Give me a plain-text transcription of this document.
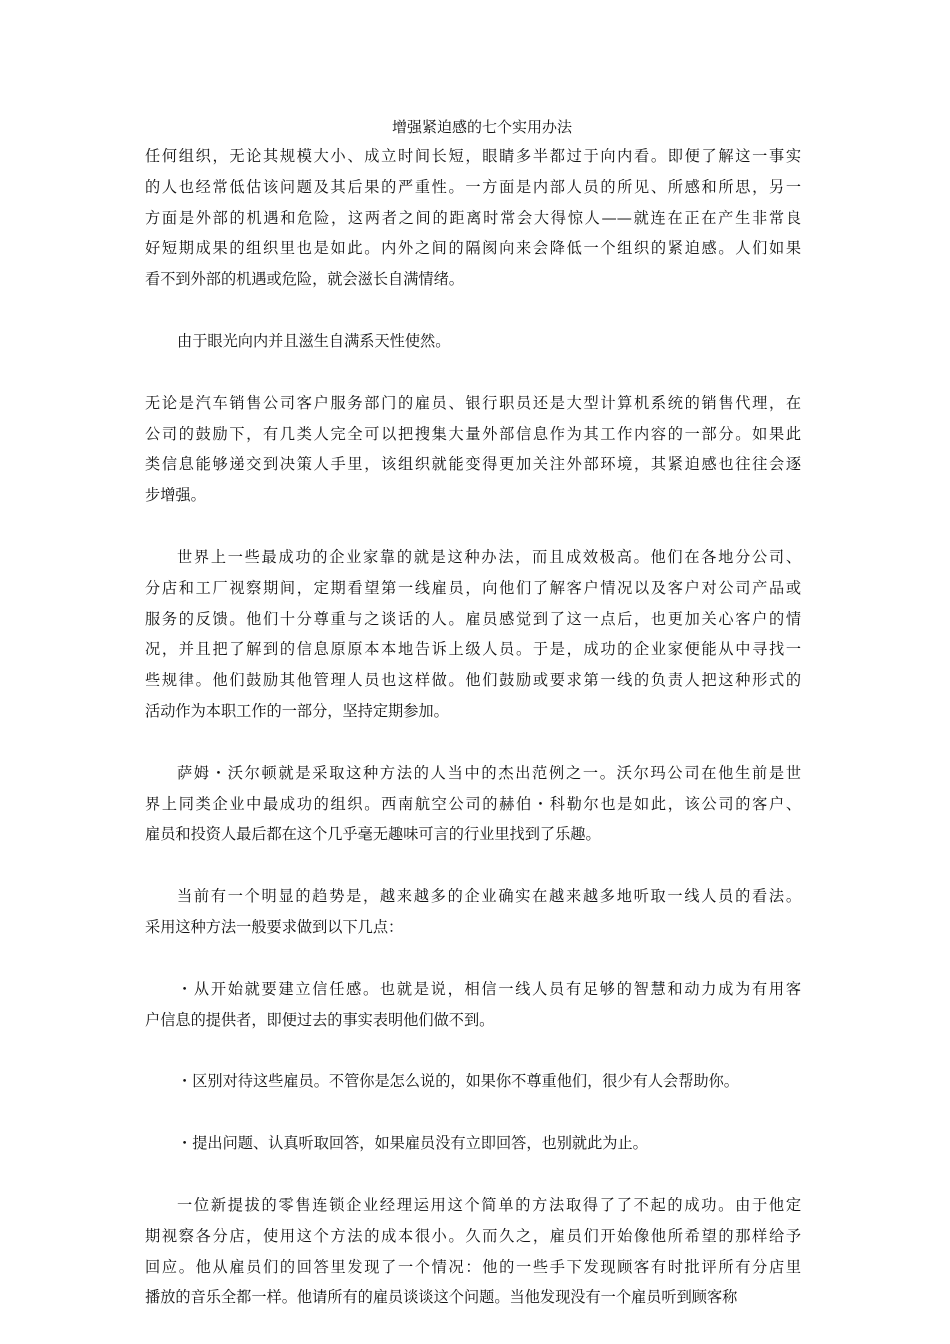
增强紧迫感的七个实用办法
任何组织，无论其规模大小、成立时间长短，眼睛多半都过于向内看。即便了解这一事实
的人也经常低估该问题及其后果的严重性。一方面是内部人员的所见、所感和所思，另一
方面是外部的机遇和危险，这两者之间的距离时常会大得惊人——就连在正在产生非常良
好短期成果的组织里也是如此。内外之间的隔阂向来会降低一个组织的紧迫感。人们如果
看不到外部的机遇或危险，就会滋长自满情绪。
由于眼光向内并且滋生自满系天性使然。
无论是汽车销售公司客户服务部门的雇员、银行职员还是大型计算机系统的销售代理，在
公司的鼓励下，有几类人完全可以把搜集大量外部信息作为其工作内容的一部分。如果此
类信息能够递交到决策人手里，该组织就能变得更加关注外部环境，其紧迫感也往往会逐
步增强。
世界上一些最成功的企业家靠的就是这种办法，而且成效极高。他们在各地分公司、
分店和工厂视察期间，定期看望第一线雇员，向他们了解客户情况以及客户对公司产品或
服务的反馈。他们十分尊重与之谈话的人。雇员感觉到了这一点后，也更加关心客户的情
况，并且把了解到的信息原原本本地告诉上级人员。于是，成功的企业家便能从中寻找一
些规律。他们鼓励其他管理人员也这样做。他们鼓励或要求第一线的负责人把这种形式的
活动作为本职工作的一部分，坚持定期参加。
萨姆・沃尔顿就是采取这种方法的人当中的杰出范例之一。沃尔玛公司在他生前是世
界上同类企业中最成功的组织。西南航空公司的赫伯・科勒尔也是如此，该公司的客户、
雇员和投资人最后都在这个几乎毫无趣味可言的行业里找到了乐趣。
当前有一个明显的趋势是，越来越多的企业确实在越来越多地听取一线人员的看法。
采用这种方法一般要求做到以下几点：
・从开始就要建立信任感。也就是说，相信一线人员有足够的智慧和动力成为有用客
户信息的提供者，即便过去的事实表明他们做不到。
・区别对待这些雇员。不管你是怎么说的，如果你不尊重他们，很少有人会帮助你。
・提出问题、认真听取回答，如果雇员没有立即回答，也别就此为止。
一位新提拔的零售连锁企业经理运用这个简单的方法取得了了不起的成功。由于他定
期视察各分店，使用这个方法的成本很小。久而久之，雇员们开始像他所希望的那样给予
回应。他从雇员们的回答里发现了一个情况：他的一些手下发现顾客有时批评所有分店里
播放的音乐全都一样。他请所有的雇员谈谈这个问题。当他发现没有一个雇员听到顾客称
